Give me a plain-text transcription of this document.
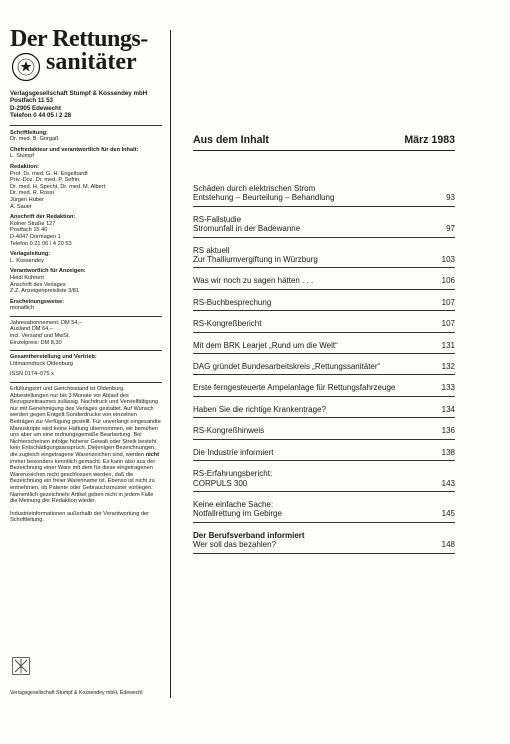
Der Rettungs-
sanitäter
Verlagsgesellschaft Stumpf & Kossendey mbH
Postfach 11 53
D-2905 Edewecht
Telefon 0 44 05 / 2 28
Schriftleitung:
Dr. med. B. Gorgaß
Chefredakteur und verantwortlich für den Inhalt:
L. Stumpf
Redaktion:
Prof. Dr. med. G. H. Engelhardt
Priv.-Doz. Dr. med. P. Sefrin
Dr. med. H. Specht, Dr. med. M. Albert
Dr. med. R. Rossi
Jürgen Huber
A. Sauer
Anschrift der Redaktion:
Kölner Straße 127
Postfach 15 40
D-4047 Dormagen 1
Telefon 0 21 06 / 4 20 53
Verlagsleitung:
L. Kossendey
Verantwortlich für Anzeigen:
Heidi Kuhnert
Anschrift des Verlages
Z.Z. Anzeigenpreisliste 3/81
Erscheinungsweise:
monatlich
Jahresabonnement: DM 54,–
Ausland DM 64,–
incl. Versand und MwSt.
Einzelpreis: DM 8,30
Gesamtherstellung und Vertrieb:
Littmanndruck Oldenburg
ISSN 0174–075 x
Erfüllungsort und Gerichtsstand ist Oldenburg. Abbestellungen nur bis 3 Monate vor Ablauf des Bezugszeitraumes zulässig. Nachdruck und Vervielfältigung nur mit Genehmigung des Verlages gestattet. Auf Wunsch werden gegen Entgelt Sonderdrucke von einzelnen Beiträgen zur Verfügung gestellt. Für unverlangt eingesandte Manuskripte wird keine Haftung übernommen, wir bemühen uns aber um eine ordnungsgemäße Bearbeitung. Bei Nichterscheinen infolge höherer Gewalt oder Streik besteht kein Entschädigungsanspruch. Diejenigen Bezeichnungen, die zugleich eingetragene Warenzeichen sind, werden nicht immer besonders kenntlich gemacht. Es kann also aus der Bezeichnung einer Ware mit dem für diese eingetragenen Warenzeichen nicht geschlossen werden, daß die Bezeichnung ein freier Warenname ist. Ebenso ist nicht zu entnehmen, ob Patente oder Gebrauchsmuster vorliegen. Namentlich gezeichnete Artikel geben nicht in jedem Falle die Meinung der Redaktion wieder.
Industrieinformationen außerhalb der Verantwortung der Schriftleitung.
Verlagsgesellschaft Stumpf & Kossendey mbH, Edewecht
Aus dem Inhalt	März 1983
Schäden durch elektrischen Strom
Entstehung – Beurteilung – Behandlung	93
RS-Fallstudie
Stromunfall in der Badewanne	97
RS aktuell
Zur Thalliumvergiftung in Würzburg	103
Was wir noch zu sagen hätten . . .	106
RS-Buchbesprechung	107
RS-Kongreßbericht	107
Mit dem BRK Learjet „Rund um die Welt“	131
DAG gründet Bundesarbeitskreis „Rettungssanitäter“	132
Erste ferngesteuerte Ampelanlage für Rettungsfahrzeuge	133
Haben Sie die richtige Krankentrage?	134
RS-Kongreßhinweis	136
Die Industrie informiert	138
RS-Erfahrungsbericht:
CORPULS 300	143
Keine einfache Sache:
Notfallrettung im Gebirge	145
Der Berufsverband informiert
Wer soll das bezahlen?	148
